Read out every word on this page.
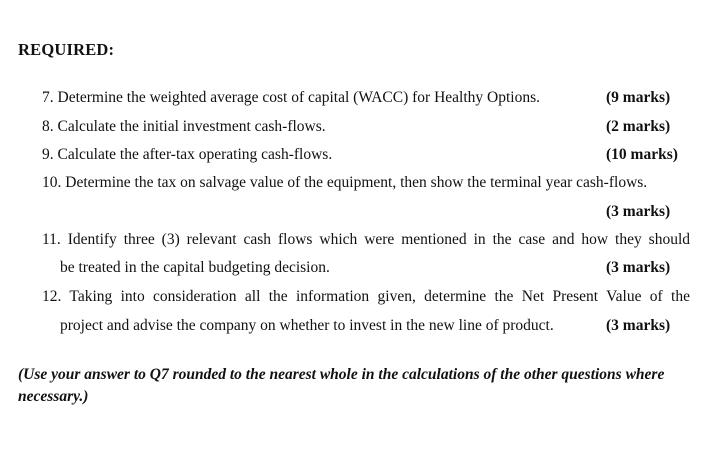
REQUIRED:
7. Determine the weighted average cost of capital (WACC) for Healthy Options.	(9 marks)
8. Calculate the initial investment cash-flows.	(2 marks)
9. Calculate the after-tax operating cash-flows.	(10 marks)
10. Determine the tax on salvage value of the equipment, then show the terminal year cash-flows.
(3 marks)
11. Identify three (3) relevant cash flows which were mentioned in the case and how they should
be treated in the capital budgeting decision.	(3 marks)
12. Taking into consideration all the information given, determine the Net Present Value of the
project and advise the company on whether to invest in the new line of product.	(3 marks)
(Use your answer to Q7 rounded to the nearest whole in the calculations of the other questions where necessary.)
